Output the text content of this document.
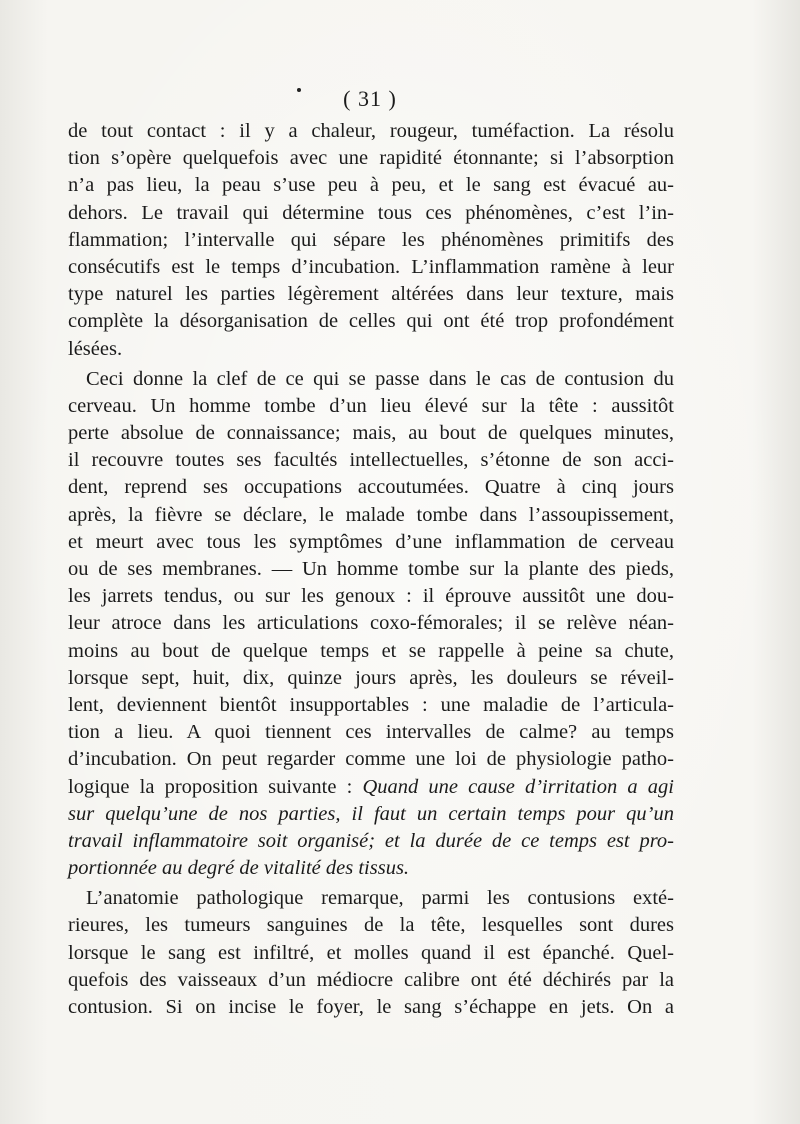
( 31 )
de tout contact : il y a chaleur, rougeur, tuméfaction. La résolu
tion s’opère quelquefois avec une rapidité étonnante; si l’absorption
n’a pas lieu, la peau s’use peu à peu, et le sang est évacué au-
dehors. Le travail qui détermine tous ces phénomènes, c’est l’in-
flammation; l’intervalle qui sépare les phénomènes primitifs des
consécutifs est le temps d’incubation. L’inflammation ramène à leur
type naturel les parties légèrement altérées dans leur texture, mais
complète la désorganisation de celles qui ont été trop profondément
lésées.
Ceci donne la clef de ce qui se passe dans le cas de contusion du
cerveau. Un homme tombe d’un lieu élevé sur la tête : aussitôt
perte absolue de connaissance; mais, au bout de quelques minutes,
il recouvre toutes ses facultés intellectuelles, s’étonne de son acci-
dent, reprend ses occupations accoutumées. Quatre à cinq jours
après, la fièvre se déclare, le malade tombe dans l’assoupissement,
et meurt avec tous les symptômes d’une inflammation de cerveau
ou de ses membranes. — Un homme tombe sur la plante des pieds,
les jarrets tendus, ou sur les genoux : il éprouve aussitôt une dou-
leur atroce dans les articulations coxo-fémorales; il se relève néan-
moins au bout de quelque temps et se rappelle à peine sa chute,
lorsque sept, huit, dix, quinze jours après, les douleurs se réveil-
lent, deviennent bientôt insupportables : une maladie de l’articula-
tion a lieu. A quoi tiennent ces intervalles de calme? au temps
d’incubation. On peut regarder comme une loi de physiologie patho-
logique la proposition suivante : Quand une cause d’irritation a agi
sur quelqu’une de nos parties, il faut un certain temps pour qu’un
travail inflammatoire soit organisé; et la durée de ce temps est pro-
portionnée au degré de vitalité des tissus.
L’anatomie pathologique remarque, parmi les contusions exté-
rieures, les tumeurs sanguines de la tête, lesquelles sont dures
lorsque le sang est infiltré, et molles quand il est épanché. Quel-
quefois des vaisseaux d’un médiocre calibre ont été déchirés par la
contusion. Si on incise le foyer, le sang s’échappe en jets. On a
